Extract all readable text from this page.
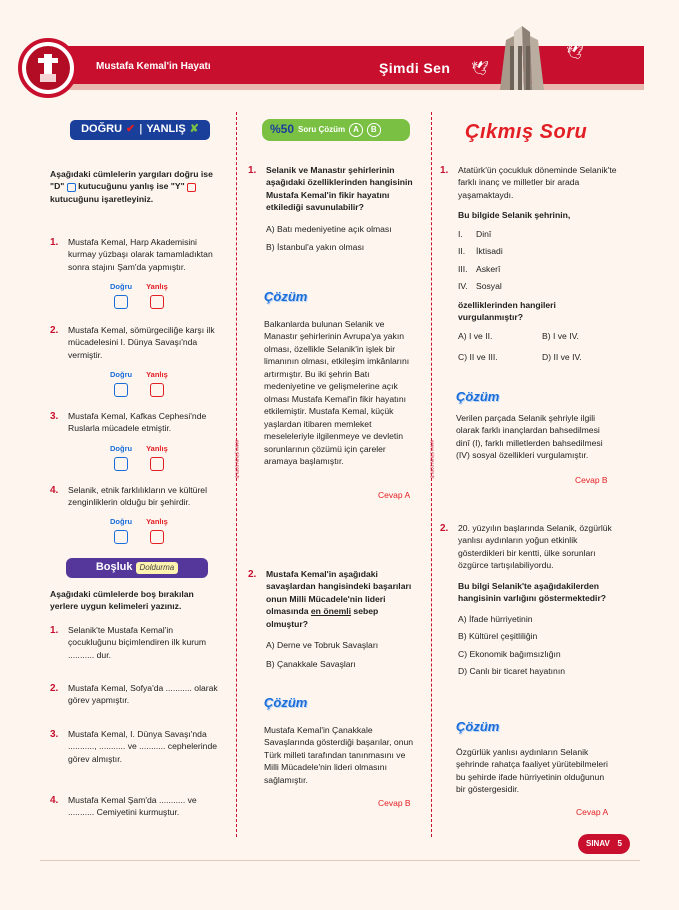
Mustafa Kemal'in Hayatı	Şimdi Sen 🕊
🕊
www.sinav.com.tr	www.sinav.com.tr
DOĞRU ✔ | YANLIŞ ✘
Aşağıdaki cümlelerin yargıları doğru ise "D" kutucuğunu yanlış ise "Y"  kutucuğunu işaretleyiniz.
1. Mustafa Kemal, Harp Akademisini kurmay yüzbaşı olarak tamamladıktan sonra stajını Şam'da yapmıştır.
Doğru Yanlış
2. Mustafa Kemal, sömürgeciliğe karşı ilk mücadelesini I. Dünya Savaşı'nda vermiştir.
Doğru Yanlış
3. Mustafa Kemal, Kafkas Cephesi'nde Ruslarla mücadele etmiştir.
Doğru Yanlış
4. Selanik, etnik farklılıkların ve kültürel zenginliklerin olduğu bir şehirdir.
Doğru Yanlış
Boşluk Doldurma
Aşağıdaki cümlelerde boş bırakılan yerlere uygun kelimeleri yazınız.
1. Selanik'te Mustafa Kemal'in çocukluğunu biçimlendiren ilk kurum ........... dur.
2. Mustafa Kemal, Sofya'da ........... olarak görev yapmıştır.
3. Mustafa Kemal, I. Dünya Savaşı'nda ..........., ........... ve ........... cephelerinde görev almıştır.
4. Mustafa Kemal Şam'da ........... ve ........... Cemiyetini kurmuştur.
%50 Soru Çözüm	A	B
1. Selanik ve Manastır şehirlerinin aşağıdaki özelliklerinden hangisinin Mustafa Kemal'in fikir hayatını etkilediği savunulabilir?
A) Batı medeniyetine açık olması
B) İstanbul'a yakın olması
Çözüm
Balkanlarda bulunan Selanik ve Manastır şehirlerinin Avrupa'ya yakın olması, özellikle Selanik'in işlek bir limanının olması, etkileşim imkânlarını artırmıştır. Bu iki şehrin Batı medeniyetine ve gelişmelerine açık olması Mustafa Kemal'in fikir hayatını etkilemiştir. Mustafa Kemal, küçük yaşlardan itibaren memleket meseleleriyle ilgilenmeye ve devletin sorunlarının çözümü için çareler aramaya başlamıştır.
Cevap A
2. Mustafa Kemal'in aşağıdaki savaşlardan hangisindeki başarıları onun Milli Mücadele'nin lideri olmasında en önemli sebep olmuştur?
A) Derne ve Tobruk Savaşları
B) Çanakkale Savaşları
Çözüm
Mustafa Kemal'in Çanakkale Savaşlarında gösterdiği başarılar, onun Türk milleti tarafından tanınmasını ve Milli Mücadele'nin lideri olmasını sağlamıştır.
Cevap B
Çıkmış Soru
1. Atatürk'ün çocukluk döneminde Selanik'te farklı inanç ve milletler bir arada yaşamaktaydı.
Bu bilgide Selanik şehrinin,
I.	Dinî
II.	İktisadi
III. Askerî
IV. Sosyal
özelliklerinden hangileri vurgulanmıştır?
A) I ve II.	B) I ve IV.
C) II ve III.	D) II ve IV.
Çözüm
Verilen parçada Selanik şehriyle ilgili olarak farklı inançlardan bahsedilmesi dinî (I), farklı milletlerden bahsedilmesi (IV) sosyal özellikleri vurgulamıştır.
Cevap B
2. 20. yüzyılın başlarında Selanik, özgürlük yanlısı aydınların yoğun etkinlik gösterdikleri bir kentti, ülke sorunları özgürce tartışılabiliyordu.
Bu bilgi Selanik'te aşağıdakilerden hangisinin varlığını göstermektedir?
A) İfade hürriyetinin
B) Kültürel çeşitliliğin
C) Ekonomik bağımsızlığın
D) Canlı bir ticaret hayatının
Çözüm
Özgürlük yanlısı aydınların Selanik şehrinde rahatça faaliyet yürütebilmeleri bu şehirde ifade hürriyetinin olduğunun bir göstergesidir.
Cevap A
SINAV 5
